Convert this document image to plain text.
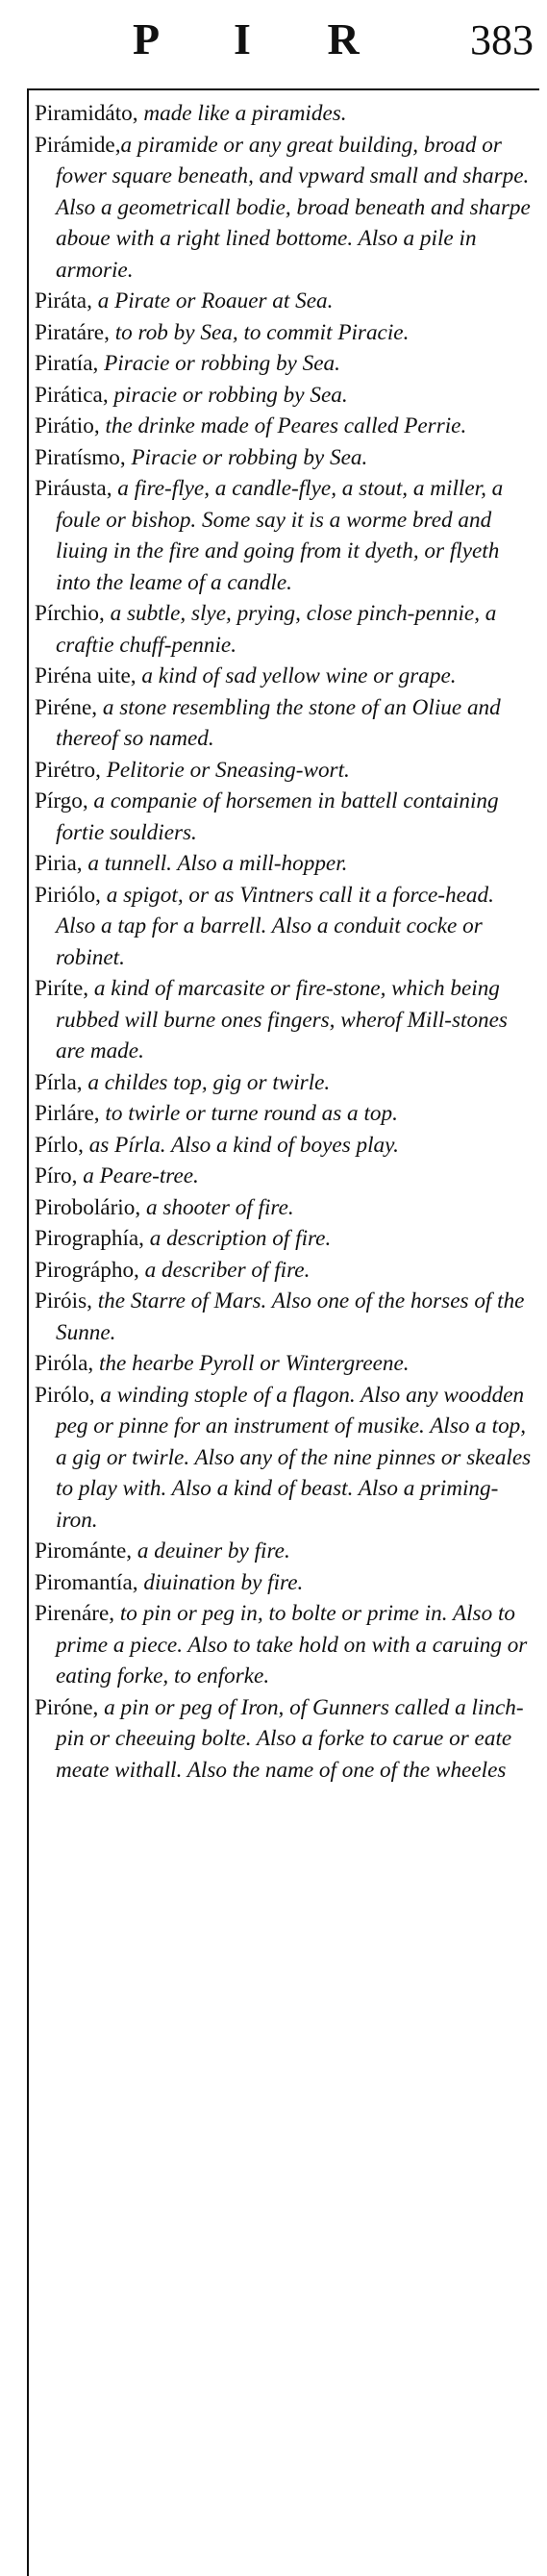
P I R 383

Piramidáto, made like a piramides.

Pirámide,a piramide or any great building, broad or fower square beneath, and vpward small and sharpe. Also a geometricall bodie, broad beneath and sharpe aboue with a right lined bottome. Also a pile in armorie.

Piráta, a Pirate or Roauer at Sea.

Piratáre, to rob by Sea, to commit Piracie.

Piratía, Piracie or robbing by Sea.

Pirática, piracie or robbing by Sea.

Pirátio, the drinke made of Peares called Perrie.

Piratísmo, Piracie or robbing by Sea.

Piráusta, a fire-flye, a candle-flye, a stout, a miller, a foule or bishop. Some say it is a worme bred and liuing in the fire and going from it dyeth, or flyeth into the leame of a candle.

Pírchio, a subtle, slye, prying, close pinch-pennie, a craftie chuff-pennie.

Piréna uite, a kind of sad yellow wine or grape.

Piréne, a stone resembling the stone of an Oliue and thereof so named.

Pirétro, Pelitorie or Sneasing-wort.

Pírgo, a companie of horsemen in battell containing fortie souldiers.

Piria, a tunnell. Also a mill-hopper.

Piriólo, a spigot, or as Vintners call it a force-head. Also a tap for a barrell. Also a conduit cocke or robinet.

Piríte, a kind of marcasite or fire-stone, which being rubbed will burne ones fingers, wherof Mill-stones are made.

Pírla, a childes top, gig or twirle.

Pirláre, to twirle or turne round as a top.

Pírlo, as Pírla. Also a kind of boyes play.

Píro, a Peare-tree.

Pirobolário, a shooter of fire.

Pirographía, a description of fire.

Pirográpho, a describer of fire.

Piróis, the Starre of Mars. Also one of the horses of the Sunne.

Piróla, the hearbe Pyroll or Wintergreene.

Pirólo, a winding stople of a flagon. Also any woodden peg or pinne for an instrument of musike. Also a top, a gig or twirle. Also any of the nine pinnes or skeales to play with. Also a kind of beast. Also a priming-iron.

Pirománte, a deuiner by fire.

Piromantía, diuination by fire.

Pirenáre, to pin or peg in, to bolte or prime in. Also to prime a piece. Also to take hold on with a caruing or eating forke, to enforke.

Piróne, a pin or peg of Iron, of Gunners called a linch-pin or cheeuing bolte. Also a forke to carue or eate meate withall. Also the name of one of the wheeles
